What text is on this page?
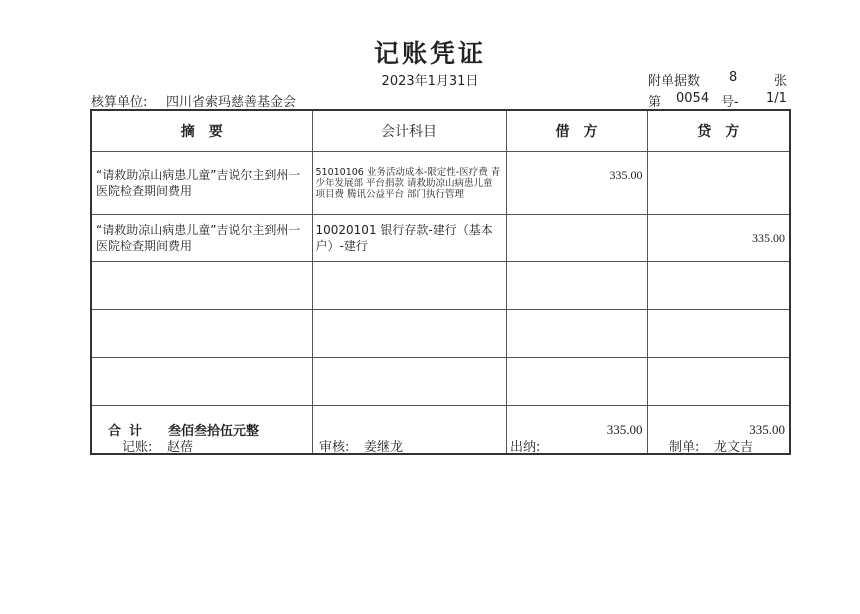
记账凭证
2023年1月31日	附单据数 8	张
核算单位: 四川省索玛慈善基金会	第 0054 号- 1/1
摘　要	会计科目	借　方	贷　方
“请救助凉山病患儿童”吉说尔主到州一医院检查期间费用	51010106 业务活动成本-限定性-医疗费 青少年发展部 平台捐款 请救助凉山病患儿童 项目费 腾讯公益平台 部门执行管理	335.00	
“请救助凉山病患儿童”吉说尔主到州一医院检查期间费用	10020101 银行存款-建行（基本户）-建行		335.00

合计 叁佰叁拾伍元整		335.00	335.00
记账: 赵蓓	审核: 姜继龙	出纳:	制单: 龙文吉
